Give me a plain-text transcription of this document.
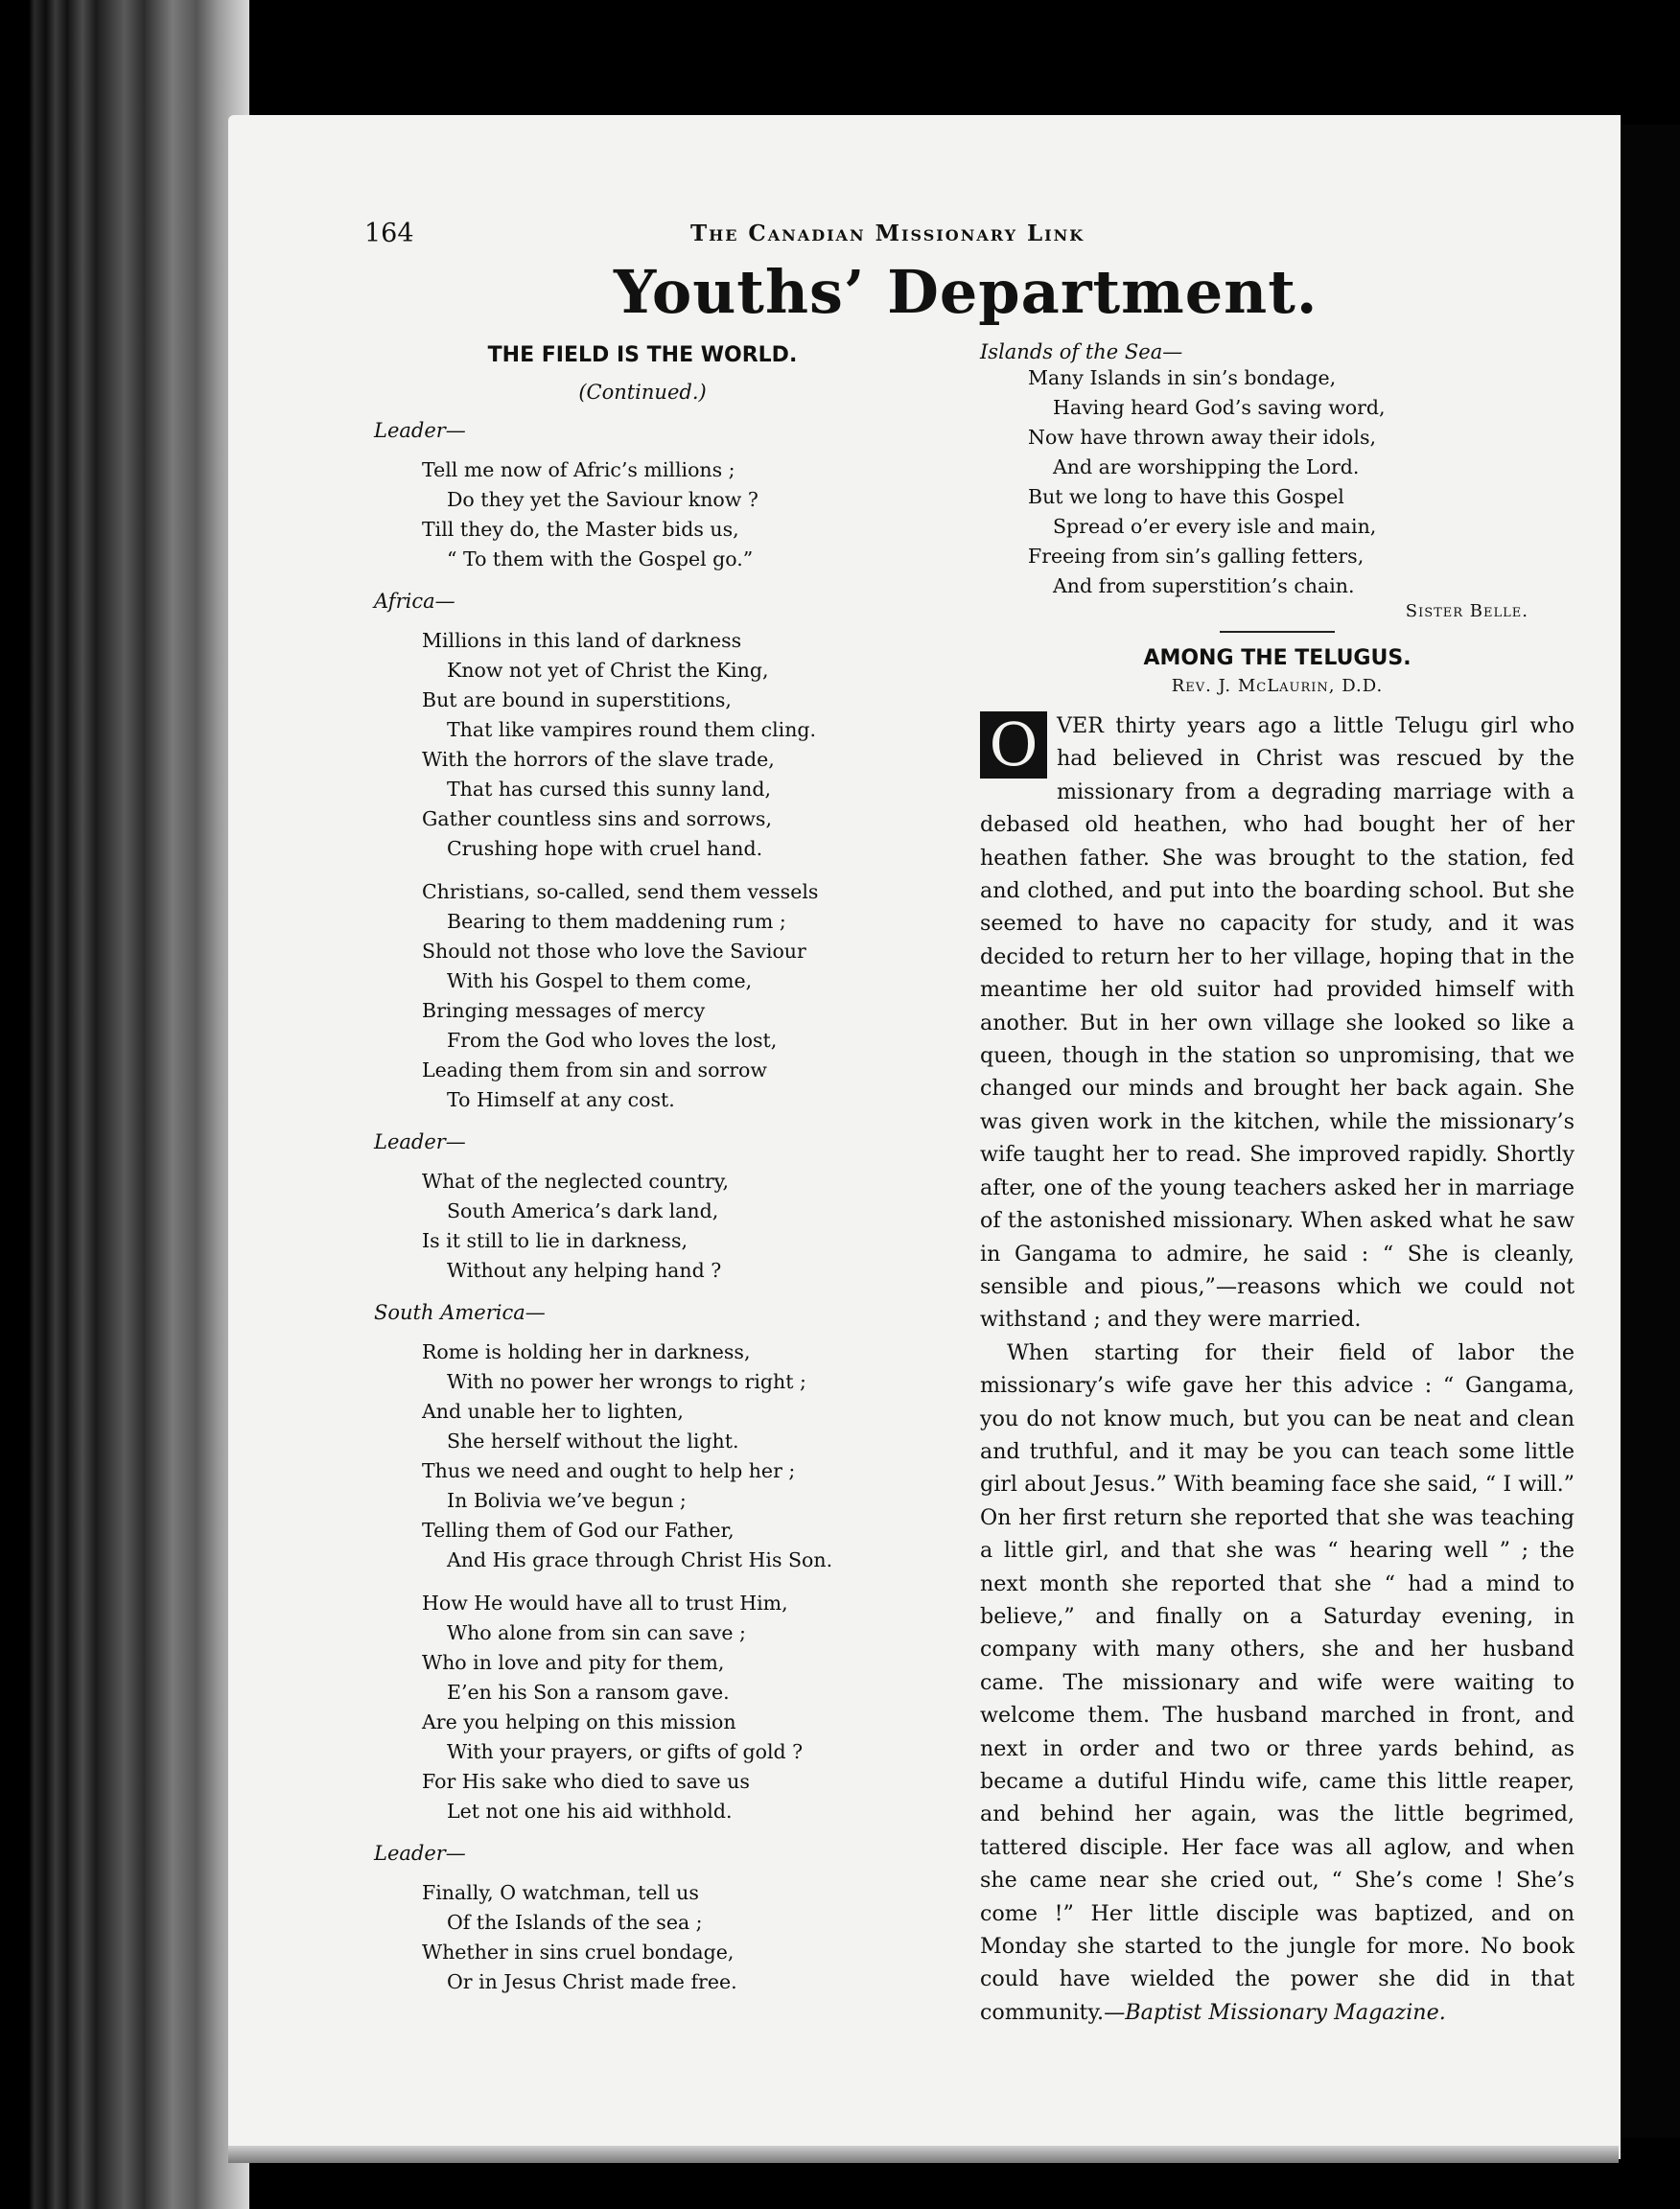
164	The Canadian Missionary Link

Youths’ Department.
THE FIELD IS THE WORLD.

(Continued.)

Leader—

Tell me now of Afric’s millions ;
Do they yet the Saviour know ?
Till they do, the Master bids us,
“ To them with the Gospel go.”

Africa—

Millions in this land of darkness
Know not yet of Christ the King,
But are bound in superstitions,
That like vampires round them cling.
With the horrors of the slave trade,
That has cursed this sunny land,
Gather countless sins and sorrows,
Crushing hope with cruel hand.
Christians, so-called, send them vessels
Bearing to them maddening rum ;
Should not those who love the Saviour
With his Gospel to them come,
Bringing messages of mercy
From the God who loves the lost,
Leading them from sin and sorrow
To Himself at any cost.

Leader—

What of the neglected country,
South America’s dark land,
Is it still to lie in darkness,
Without any helping hand ?

South America—

Rome is holding her in darkness,
With no power her wrongs to right ;
And unable her to lighten,
She herself without the light.
Thus we need and ought to help her ;
In Bolivia we’ve begun ;
Telling them of God our Father,
And His grace through Christ His Son.
How He would have all to trust Him,
Who alone from sin can save ;
Who in love and pity for them,
E’en his Son a ransom gave.
Are you helping on this mission
With your prayers, or gifts of gold ?
For His sake who died to save us
Let not one his aid withhold.

Leader—

Finally, O watchman, tell us
Of the Islands of the sea ;
Whether in sins cruel bondage,
Or in Jesus Christ made free.

Islands of the Sea—

Many Islands in sin’s bondage,
Having heard God’s saving word,
Now have thrown away their idols,
And are worshipping the Lord.
But we long to have this Gospel
Spread o’er every isle and main,
Freeing from sin’s galling fetters,
And from superstition’s chain.

Sister Belle.

AMONG THE TELUGUS.

Rev. J. McLaurin, D.D.

O VER thirty years ago a little Telugu girl who had believed in Christ was rescued by the missionary from a degrading marriage with a debased old heathen, who had bought her of her heathen father. She was brought to the station, fed and clothed, and put into the boarding school. But she seemed to have no capacity for study, and it was decided to return her to her village, hoping that in the meantime her old suitor had provided himself with another. But in her own village she looked so like a queen, though in the station so unpromising, that we changed our minds and brought her back again. She was given work in the kitchen, while the missionary’s wife taught her to read. She improved rapidly. Shortly after, one of the young teachers asked her in marriage of the astonished missionary. When asked what he saw in Gangama to admire, he said : “ She is cleanly, sensible and pious,”—reasons which we could not withstand ; and they were married.

When starting for their field of labor the missionary’s wife gave her this advice : “ Gangama, you do not know much, but you can be neat and clean and truthful, and it may be you can teach some little girl about Jesus.” With beaming face she said, “ I will.” On her first return she reported that she was teaching a little girl, and that she was “ hearing well ” ; the next month she reported that she “ had a mind to believe,” and finally on a Saturday evening, in company with many others, she and her husband came. The missionary and wife were waiting to welcome them. The husband marched in front, and next in order and two or three yards behind, as became a dutiful Hindu wife, came this little reaper, and behind her again, was the little begrimed, tattered disciple. Her face was all aglow, and when she came near she cried out, “ She’s come ! She’s come !” Her little disciple was baptized, and on Monday she started to the jungle for more. No book could have wielded the power she did in that community.—Baptist Missionary Magazine.
